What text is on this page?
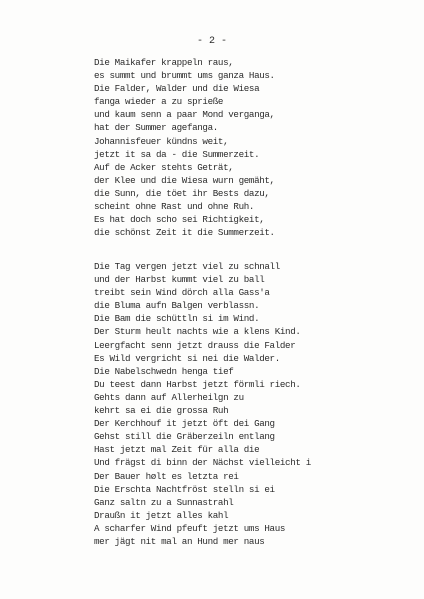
- 2 -
Die Maikafer krappeln raus,
es summt und brummt ums ganza Haus.
Die Falder, Walder und die Wiesa
fanga wieder a zu sprieße
und kaum senn a paar Mond verganga,
hat der Summer agefanga.
Johannisfeuer kündns weit,
jetzt it sa da - die Summerzeit.
Auf de Acker stehts Geträt,
der Klee und die Wiesa wurn gemäht,
die Sunn, die töet ihr Bests dazu,
scheint ohne Rast und ohne Ruh.
Es hat doch scho sei Richtigkeit,
die schönst Zeit it die Summerzeit.
Die Tag vergen jetzt viel zu schnall
und der Harbst kummt viel zu ball
treibt sein Wind dörch alla Gass'a
die Bluma aufn Balgen verblassn.
Die Bam die schüttln si im Wind.
Der Sturm heult nachts wie a klens Kind.
Leergfacht senn jetzt drauss die Falder
Es Wild vergricht si nei die Walder.
Die Nabelschwedn henga tief
Du teest dann Harbst jetzt förmli riech.
Gehts dann auf Allerheilgn zu
kehrt sa ei die grossa Ruh
Der Kerchhouf it jetzt öft dei Gang
Gehst still die Gräberzeiln entlang
Hast jetzt mal Zeit für alla die
Und frägst di binn der Nächst vielleicht i
Der Bauer hølt es letzta rei
Die Erschta Nachtfröst stelln si ei
Ganz saltn zu a Sunnastrahl
Draußn it jetzt alles kahl
A scharfer Wind pfeuft jetzt ums Haus
mer jägt nit mal an Hund mer naus
